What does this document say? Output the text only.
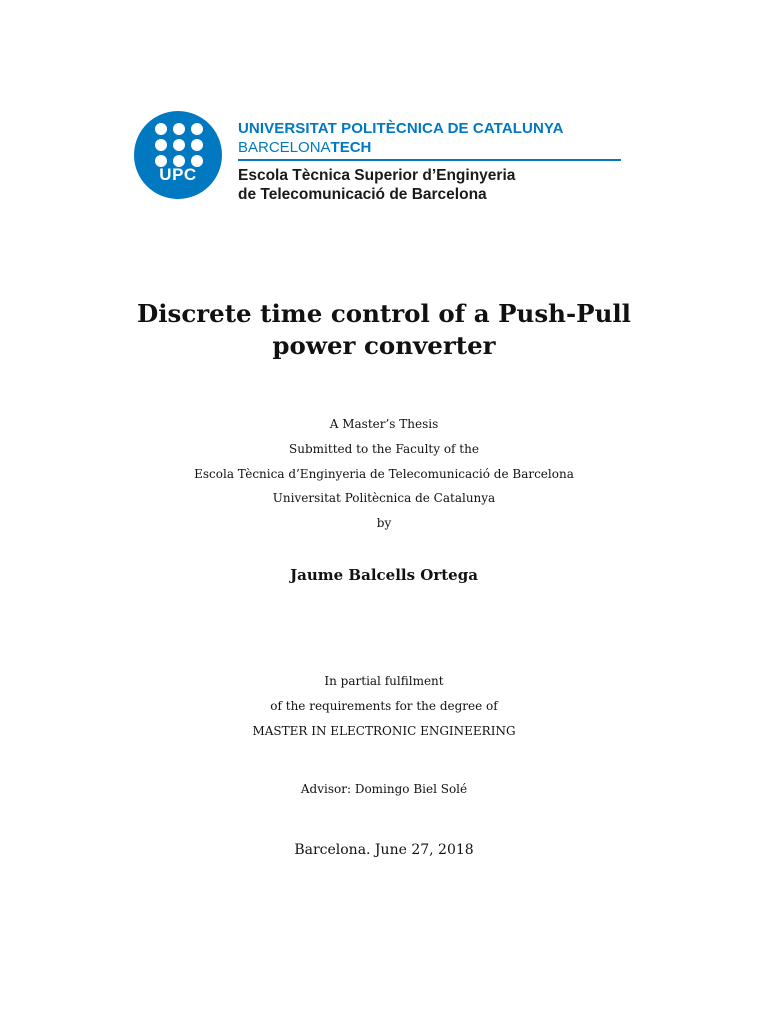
UPC
UNIVERSITAT POLITÈCNICA DE CATALUNYA
BARCELONATECH
Escola Tècnica Superior d’Enginyeria
de Telecomunicació de Barcelona
Discrete time control of a Push-Pull
power converter
A Master’s Thesis
Submitted to the Faculty of the
Escola Tècnica d’Enginyeria de Telecomunicació de Barcelona
Universitat Politècnica de Catalunya
by
Jaume Balcells Ortega
In partial fulfilment
of the requirements for the degree of
MASTER IN ELECTRONIC ENGINEERING
Advisor: Domingo Biel Solé
Barcelona. June 27, 2018
